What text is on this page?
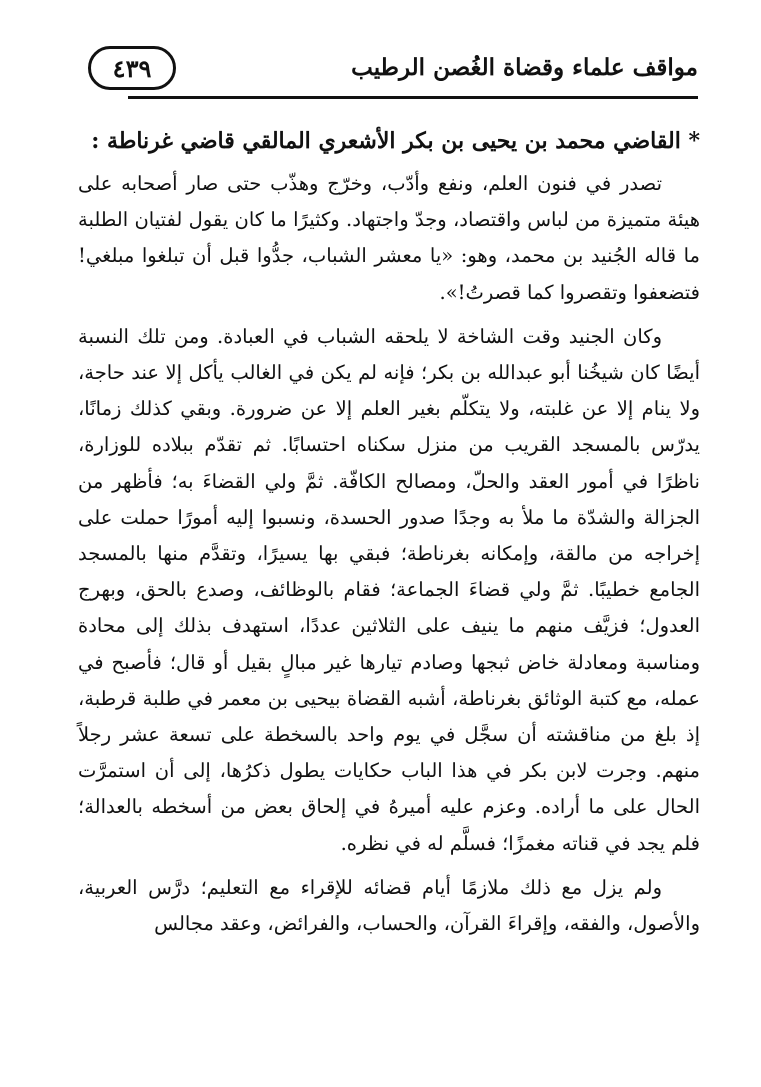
مواقف علماء وقضاة الغُصن الرطيب
٤٣٩
* القاضي محمد بن يحيى بن بكر الأشعري المالقي قاضي غرناطة :

تصدر في فنون العلم، ونفع وأدّب، وخرّج وهذّب حتى صار أصحابه على هيئة متميزة من لباس واقتصاد، وجدّ واجتهاد. وكثيرًا ما كان يقول لفتيان الطلبة ما قاله الجُنيد بن محمد، وهو: «يا معشر الشباب، جدُّوا قبل أن تبلغوا مبلغي! فتضعفوا وتقصروا كما قصرتُ!».

وكان الجنيد وقت الشاخة لا يلحقه الشباب في العبادة. ومن تلك النسبة أيضًا كان شيخُنا أبو عبدالله بن بكر؛ فإنه لم يكن في الغالب يأكل إلا عند حاجة، ولا ينام إلا عن غلبته، ولا يتكلّم بغير العلم إلا عن ضرورة. وبقي كذلك زمانًا، يدرّس بالمسجد القريب من منزل سكناه احتسابًا. ثم تقدّم ببلاده للوزارة، ناظرًا في أمور العقد والحلّ، ومصالح الكافّة. ثمَّ ولي القضاءَ به؛ فأظهر من الجزالة والشدّة ما ملأ به وجدًا صدور الحسدة، ونسبوا إليه أمورًا حملت على إخراجه من مالقة، وإمكانه بغرناطة؛ فبقي بها يسيرًا، وتقدَّم منها بالمسجد الجامع خطيبًا. ثمَّ ولي قضاءَ الجماعة؛ فقام بالوظائف، وصدع بالحق، وبهرج العدول؛ فزيَّف منهم ما ينيف على الثلاثين عددًا، استهدف بذلك إلى محادة ومناسبة ومعادلة خاض ثبجها وصادم تيارها غير مبالٍ بقيل أو قال؛ فأصبح في عمله، مع كتبة الوثائق بغرناطة، أشبه القضاة بيحيى بن معمر في طلبة قرطبة، إذ بلغ من مناقشته أن سجَّل في يوم واحد بالسخطة على تسعة عشر رجلاً منهم. وجرت لابن بكر في هذا الباب حكايات يطول ذكرُها، إلى أن استمرَّت الحال على ما أراده. وعزم عليه أميرهُ في إلحاق بعض من أسخطه بالعدالة؛ فلم يجد في قناته مغمزًا؛ فسلَّم له في نظره.

ولم يزل مع ذلك ملازمًا أيام قضائه للإقراء مع التعليم؛ درَّس العربية، والأصول، والفقه، وإقراءَ القرآن، والحساب، والفرائض، وعقد مجالس
